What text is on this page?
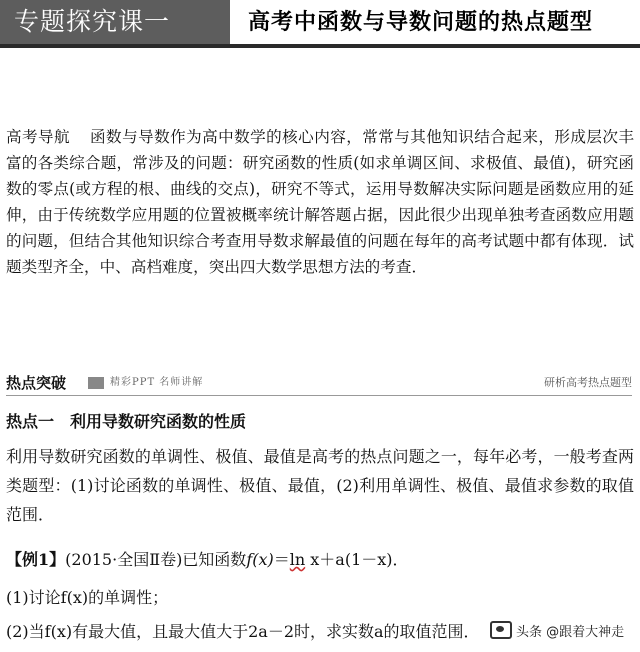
专题探究课一	高考中函数与导数问题的热点题型

高考导航 函数与导数作为高中数学的核心内容，常常与其他知识结合起来，形成层次丰富的各类综合题，常涉及的问题：研究函数的性质(如求单调区间、求极值、最值)，研究函数的零点(或方程的根、曲线的交点)，研究不等式，运用导数解决实际问题是函数应用的延伸，由于传统数学应用题的位置被概率统计解答题占据，因此很少出现单独考查函数应用题的问题，但结合其他知识综合考查用导数求解最值的问题在每年的高考试题中都有体现．试题类型齐全，中、高档难度，突出四大数学思想方法的考查．

热点突破	精彩PPT 名师讲解	研析高考热点题型
热点一　利用导数研究函数的性质

利用导数研究函数的单调性、极值、最值是高考的热点问题之一，每年必考，一般考查两类题型：(1)讨论函数的单调性、极值、最值，(2)利用单调性、极值、最值求参数的取值范围．

【例1】(2015·全国Ⅱ卷)已知函数f(x)＝ln x＋a(1－x)．
(1)讨论f(x)的单调性；
(2)当f(x)有最大值，且最大值大于2a－2时，求实数a的取值范围．	头条 @跟着大神走
